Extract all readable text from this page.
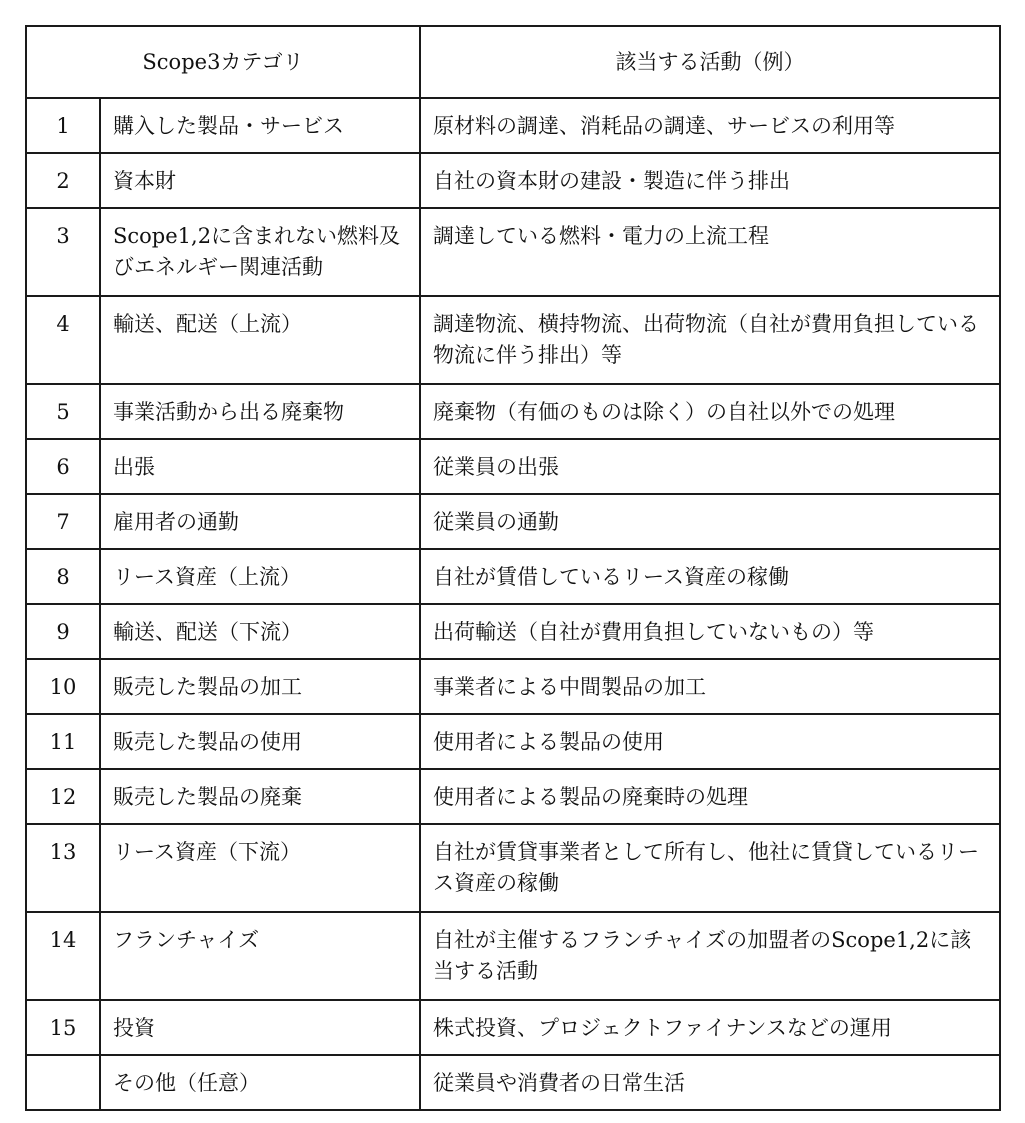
Scope3カテゴリ		該当する活動（例）
1	購入した製品・サービス	原材料の調達、消耗品の調達、サービスの利用等

2	資本財	自社の資本財の建設・製造に伴う排出

3	Scope1,2に含まれない燃料及びエネルギー関連活動	調達している燃料・電力の上流工程

4	輸送、配送（上流）	調達物流、横持物流、出荷物流（自社が費用負担している物流に伴う排出）等

5	事業活動から出る廃棄物	廃棄物（有価のものは除く）の自社以外での処理

6	出張	従業員の出張

7	雇用者の通勤	従業員の通勤

8	リース資産（上流）	自社が賃借しているリース資産の稼働

9	輸送、配送（下流）	出荷輸送（自社が費用負担していないもの）等

10	販売した製品の加工	事業者による中間製品の加工

11	販売した製品の使用	使用者による製品の使用

12	販売した製品の廃棄	使用者による製品の廃棄時の処理

13	リース資産（下流）	自社が賃貸事業者として所有し、他社に賃貸しているリース資産の稼働

14	フランチャイズ	自社が主催するフランチャイズの加盟者のScope1,2に該当する活動

15	投資	株式投資、プロジェクトファイナンスなどの運用

	その他（任意）	従業員や消費者の日常生活
